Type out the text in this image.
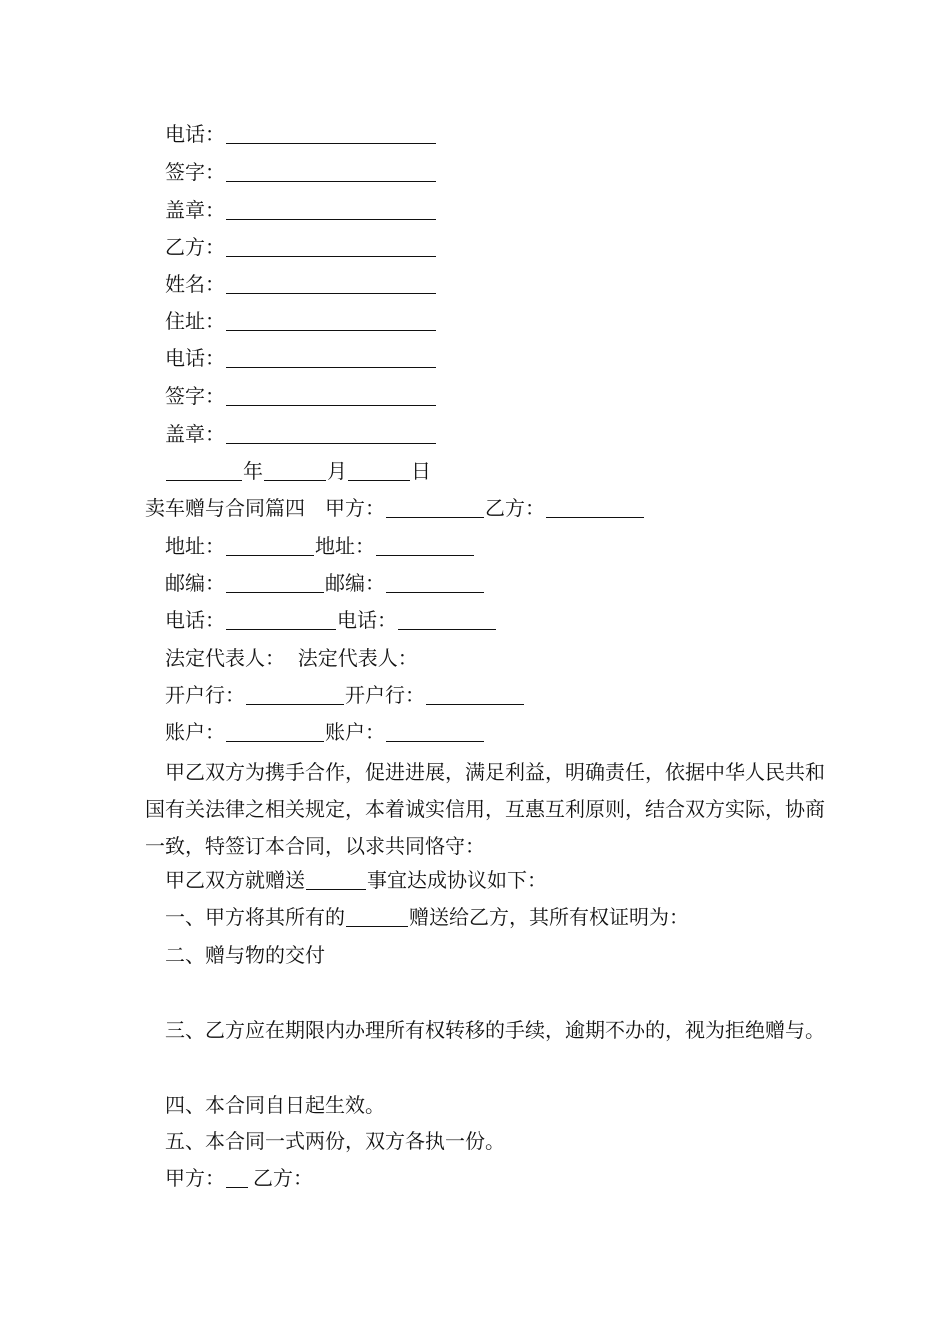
电话：
签字：
盖章：
乙方：
姓名：
住址：
电话：
签字：
盖章：
年	月	日
卖车赠与合同篇四 甲方：	乙方：
地址：	地址：
邮编：	邮编：
电话：	电话：
法定代表人：  法定代表人：
开户行：	开户行：
账户：	账户：
甲乙双方为携手合作，促进进展，满足利益，明确责任，依据中华人民共和国有关法律之相关规定，本着诚实信用，互惠互利原则，结合双方实际，协商一致，特签订本合同，以求共同恪守：
甲乙双方就赠送	事宜达成协议如下：
一、甲方将其所有的	赠送给乙方，其所有权证明为：
二、赠与物的交付
三、乙方应在期限内办理所有权转移的手续，逾期不办的，视为拒绝赠与。
四、本合同自日起生效。
五、本合同一式两份，双方各执一份。
甲方： 乙方：
